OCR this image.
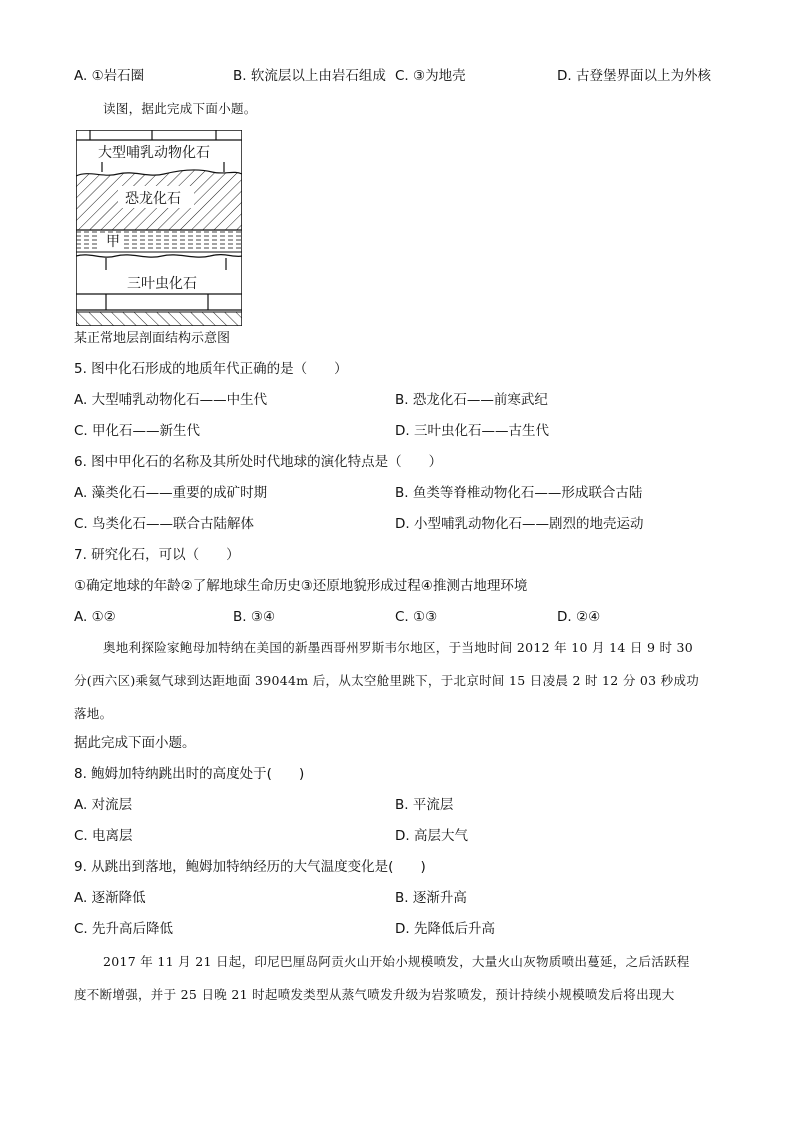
A. ①岩石圈	B. 软流层以上由岩石组成 C. ③为地壳	D. 古登堡界面以上为外核
读图，据此完成下面小题。
大型哺乳动物化石
恐龙化石
甲
三叶虫化石
某正常地层剖面结构示意图
5. 图中化石形成的地质年代正确的是（　　）
A. 大型哺乳动物化石——中生代	B. 恐龙化石——前寒武纪
C. 甲化石——新生代	D. 三叶虫化石——古生代
6. 图中甲化石的名称及其所处时代地球的演化特点是（　　）
A. 藻类化石——重要的成矿时期	B. 鱼类等脊椎动物化石——形成联合古陆
C. 鸟类化石——联合古陆解体	D. 小型哺乳动物化石——剧烈的地壳运动
7. 研究化石，可以（　　）
①确定地球的年龄②了解地球生命历史③还原地貌形成过程④推测古地理环境
A. ①②	B. ③④	C. ①③	D. ②④
奥地利探险家鲍母加特纳在美国的新墨西哥州罗斯韦尔地区，于当地时间 2012 年 10 月 14 日 9 时 30
分(西六区)乘氦气球到达距地面 39044m 后，从太空舱里跳下，于北京时间 15 日凌晨 2 时 12 分 03 秒成功
落地。
据此完成下面小题。
8. 鲍姆加特纳跳出时的高度处于(　　)
A. 对流层	B. 平流层
C. 电离层	D. 高层大气
9. 从跳出到落地，鲍姆加特纳经历的大气温度变化是(　　)
A. 逐渐降低	B. 逐渐升高
C. 先升高后降低	D. 先降低后升高
2017 年 11 月 21 日起，印尼巴厘岛阿贡火山开始小规模喷发，大量火山灰物质喷出蔓延，之后活跃程
度不断增强，并于 25 日晚 21 时起喷发类型从蒸气喷发升级为岩浆喷发，预计持续小规模喷发后将出现大
